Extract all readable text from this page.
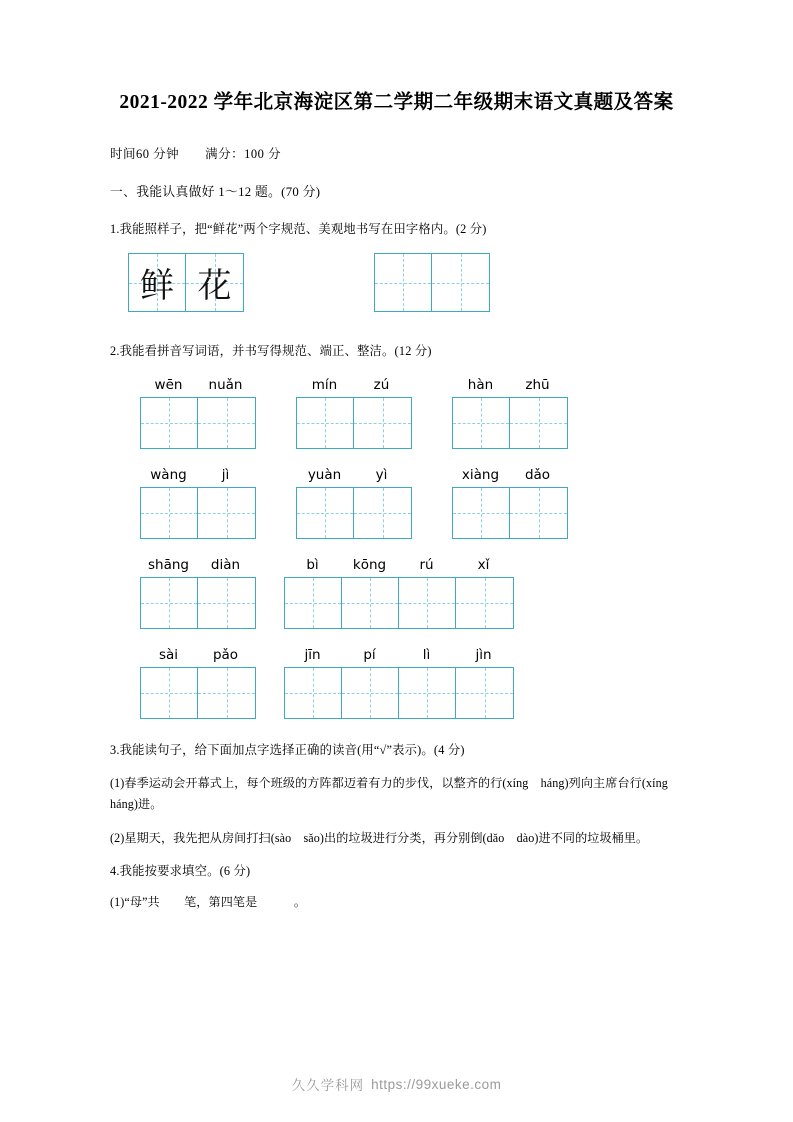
2021-2022 学年北京海淀区第二学期二年级期末语文真题及答案
时间60 分钟 满分：100 分
一、我能认真做好 1～12 题。(70 分)
1.我能照样子，把“鲜花”两个字规范、美观地书写在田字格内。(2 分)
鲜 花
2.我能看拼音写词语，并书写得规范、端正、整洁。(12 分)
wēn	nuǎn	mín	zú	hàn	zhū
wàng	jì	yuàn	yì	xiàng	dǎo
shāng	diàn	bì	kōng	rú	xǐ
sài	pǎo	jīn	pí	lì	jìn
3.我能读句子，给下面加点字选择正确的读音(用“√”表示)。(4 分)
(1)春季运动会开幕式上，每个班级的方阵都迈着有力的步伐，以整齐的行(xíng　háng)列向主席台行(xíng　háng)进。
(2)星期天，我先把从房间打扫(sào　sǎo)出的垃圾进行分类，再分别倒(dǎo　dào)进不同的垃圾桶里。
4.我能按要求填空。(6 分)
(1)“母”共　　笔，第四笔是　　　。
久久学科网 https://99xueke.com
